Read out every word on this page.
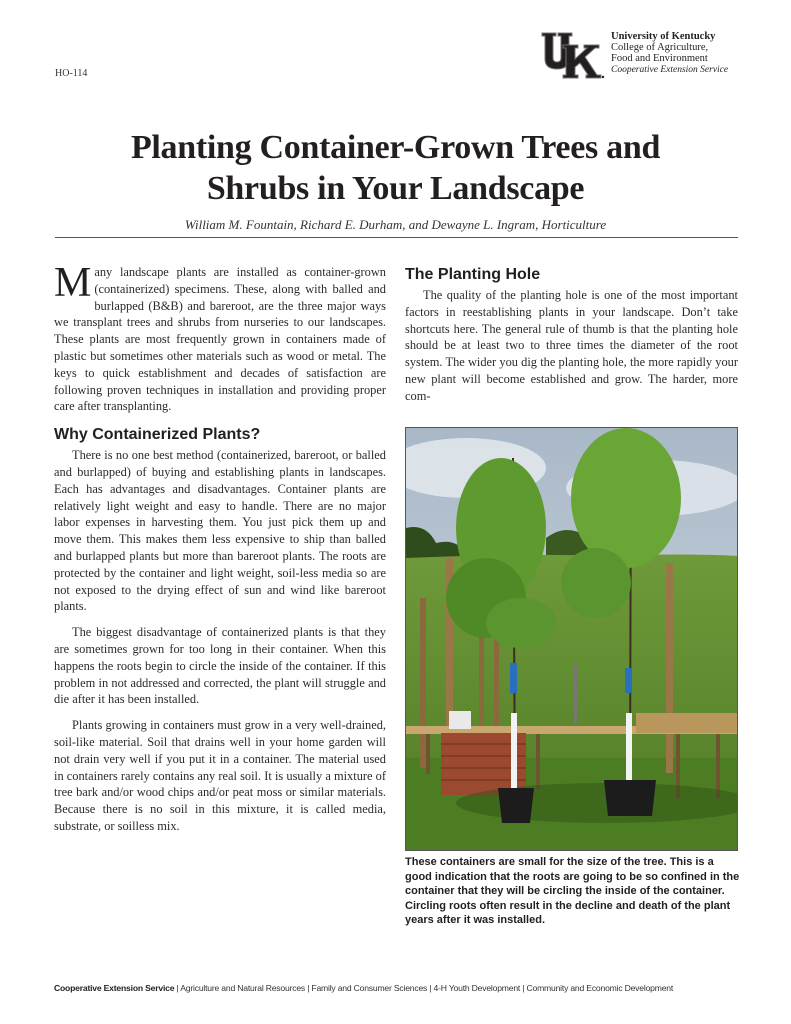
HO-114
University of Kentucky
College of Agriculture,
Food and Environment
Cooperative Extension Service
Planting Container-Grown Trees and
Shrubs in Your Landscape
William M. Fountain, Richard E. Durham, and Dewayne L. Ingram, Horticulture

Many landscape plants are installed as container-grown (containerized) specimens. These, along with balled and burlapped (B&B) and bareroot, are the three major ways we transplant trees and shrubs from nurseries to our landscapes. These plants are most frequently grown in containers made of plastic but sometimes other materials such as wood or metal. The keys to quick establishment and decades of satisfaction are following proven techniques in installation and providing proper care after transplanting.

Why Containerized Plants?

There is no one best method (containerized, bareroot, or balled and burlapped) of buying and establishing plants in landscapes. Each has advantages and disadvantages. Container plants are relatively light weight and easy to handle. There are no major labor expenses in harvesting them. You just pick them up and move them. This makes them less expensive to ship than balled and burlapped plants but more than bareroot plants. The roots are protected by the container and light weight, soil-less media so are not exposed to the drying effect of sun and wind like bareroot plants.

The biggest disadvantage of containerized plants is that they are sometimes grown for too long in their container. When this happens the roots begin to circle the inside of the container. If this problem in not addressed and corrected, the plant will struggle and die after it has been installed.

Plants growing in containers must grow in a very well-drained, soil-like material. Soil that drains well in your home garden will not drain very well if you put it in a container. The material used in containers rarely contains any real soil. It is usually a mixture of tree bark and/or wood chips and/or peat moss or similar materials. Because there is no soil in this mixture, it is called media, substrate, or soilless mix.

The Planting Hole

The quality of the planting hole is one of the most important factors in reestablishing plants in your landscape. Don’t take shortcuts here. The general rule of thumb is that the planting hole should be at least two to three times the diameter of the root system. The wider you dig the planting hole, the more rapidly your new plant will become established and grow. The harder, more com-

These containers are small for the size of the tree. This is a good indication that the roots are going to be so confined in the container that they will be circling the inside of the container. Circling roots often result in the decline and death of the plant years after it was installed.
Cooperative Extension Service | Agriculture and Natural Resources | Family and Consumer Sciences | 4-H Youth Development | Community and Economic Development
